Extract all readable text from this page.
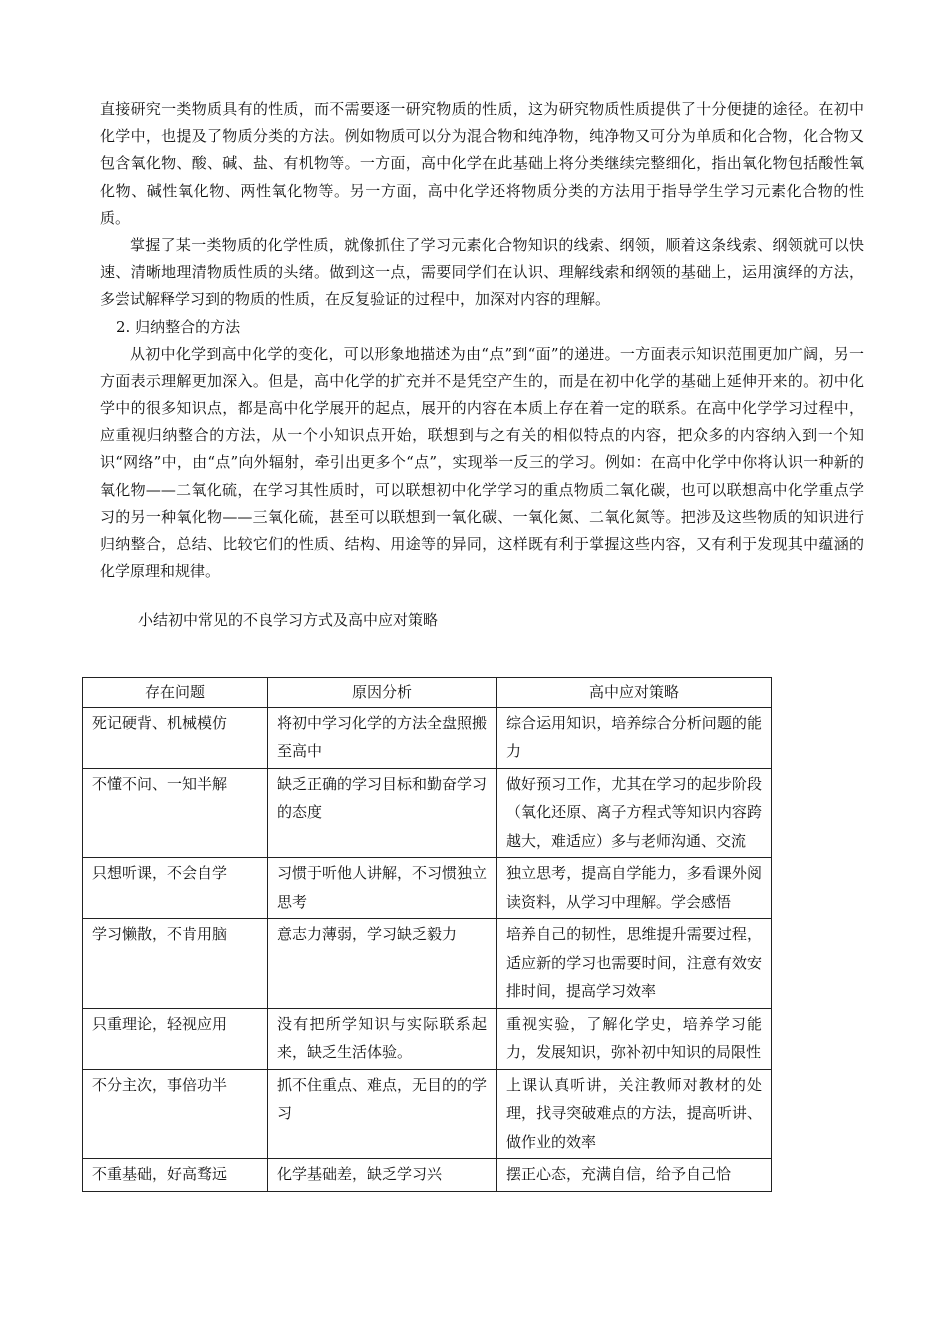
直接研究一类物质具有的性质，而不需要逐一研究物质的性质，这为研究物质性质提供了十分便捷的途径。在初中化学中，也提及了物质分类的方法。例如物质可以分为混合物和纯净物，纯净物又可分为单质和化合物，化合物又包含氧化物、酸、碱、盐、有机物等。一方面，高中化学在此基础上将分类继续完整细化，指出氧化物包括酸性氧化物、碱性氧化物、两性氧化物等。另一方面，高中化学还将物质分类的方法用于指导学生学习元素化合物的性质。

掌握了某一类物质的化学性质，就像抓住了学习元素化合物知识的线索、纲领，顺着这条线索、纲领就可以快速、清晰地理清物质性质的头绪。做到这一点，需要同学们在认识、理解线索和纲领的基础上，运用演绎的方法，多尝试解释学习到的物质的性质，在反复验证的过程中，加深对内容的理解。

2. 归纳整合的方法

从初中化学到高中化学的变化，可以形象地描述为由“点”到“面”的递进。一方面表示知识范围更加广阔，另一方面表示理解更加深入。但是，高中化学的扩充并不是凭空产生的，而是在初中化学的基础上延伸开来的。初中化学中的很多知识点，都是高中化学展开的起点，展开的内容在本质上存在着一定的联系。在高中化学学习过程中，应重视归纳整合的方法，从一个小知识点开始，联想到与之有关的相似特点的内容，把众多的内容纳入到一个知识“网络”中，由“点”向外辐射，牵引出更多个“点”，实现举一反三的学习。例如：在高中化学中你将认识一种新的氧化物——二氧化硫，在学习其性质时，可以联想初中化学学习的重点物质二氧化碳，也可以联想高中化学重点学习的另一种氧化物——三氧化硫，甚至可以联想到一氧化碳、一氧化氮、二氧化氮等。把涉及这些物质的知识进行归纳整合，总结、比较它们的性质、结构、用途等的异同，这样既有利于掌握这些内容，又有利于发现其中蕴涵的化学原理和规律。

小结初中常见的不良学习方式及高中应对策略

存在问题	原因分析	高中应对策略
死记硬背、机械模仿	将初中学习化学的方法全盘照搬至高中	综合运用知识，培养综合分析问题的能力
不懂不问、一知半解	缺乏正确的学习目标和勤奋学习的态度	做好预习工作，尤其在学习的起步阶段（氧化还原、离子方程式等知识内容跨越大，难适应）多与老师沟通、交流
只想听课，不会自学	习惯于听他人讲解，不习惯独立思考	独立思考，提高自学能力，多看课外阅读资料，从学习中理解。学会感悟
学习懒散，不肯用脑	意志力薄弱，学习缺乏毅力	培养自己的韧性，思维提升需要过程，适应新的学习也需要时间，注意有效安排时间，提高学习效率
只重理论，轻视应用	没有把所学知识与实际联系起来，缺乏生活体验。	重视实验，了解化学史，培养学习能力，发展知识，弥补初中知识的局限性
不分主次，事倍功半	抓不住重点、难点，无目的的学习	上课认真听讲，关注教师对教材的处理，找寻突破难点的方法，提高听讲、做作业的效率
不重基础，好高骛远	化学基础差，缺乏学习兴	摆正心态，充满自信，给予自己恰
